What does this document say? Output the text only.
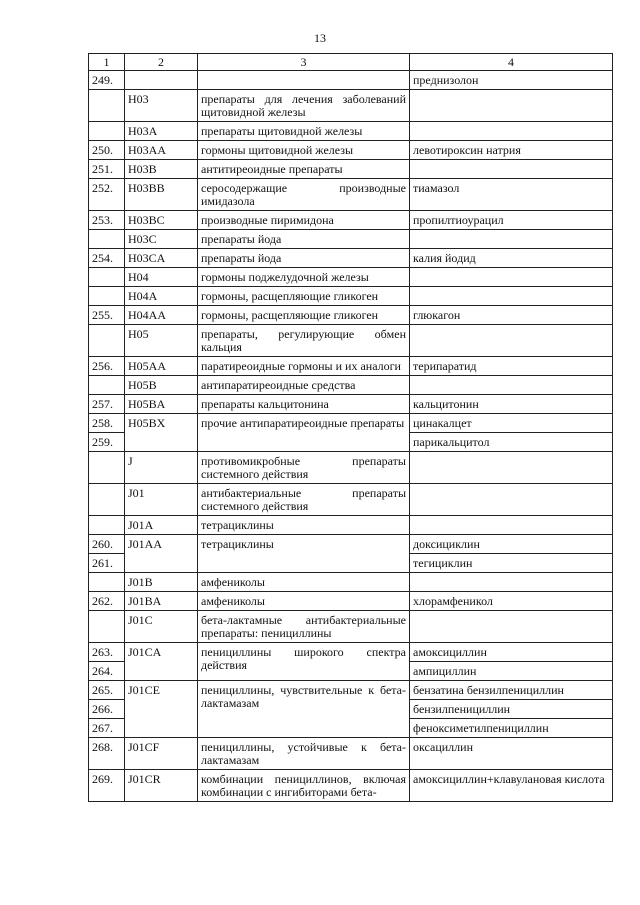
13
1	2	3	4
249.			преднизолон
	H03	препараты для лечения заболеваний щитовидной железы	
	H03A	препараты щитовидной железы	
250.	H03AA	гормоны щитовидной железы	левотироксин натрия
251.	H03B	антитиреоидные препараты	
252.	H03BB	серосодержащие производные имидазола	тиамазол
253.	H03BC	производные пиримидона	пропилтиоурацил
	H03C	препараты йода	
254.	H03CA	препараты йода	калия йодид
	H04	гормоны поджелудочной железы	
	H04A	гормоны, расщепляющие гликоген	
255.	H04AA	гормоны, расщепляющие гликоген	глюкагон
	H05	препараты, регулирующие обмен кальция	
256.	H05AA	паратиреоидные гормоны и их аналоги	терипаратид
	H05B	антипаратиреоидные средства	
257.	H05BA	препараты кальцитонина	кальцитонин
258.	H05BX	прочие антипаратиреоидные препараты	цинакалцет
259.			парикальцитол
	J	противомикробные препараты системного действия	
	J01	антибактериальные препараты системного действия	
	J01A	тетрациклины	
260.	J01AA	тетрациклины	доксициклин
261.			тегициклин
	J01B	амфениколы	
262.	J01BA	амфениколы	хлорамфеникол
	J01C	бета-лактамные антибактериальные препараты: пенициллины	
263.	J01CA	пенициллины широкого спектра действия	амоксициллин
264.			ампициллин
265.	J01CE	пенициллины, чувствительные к бета-лактамазам	бензатина бензилпенициллин
266.			бензилпенициллин
267.			феноксиметилпенициллин
268.	J01CF	пенициллины, устойчивые к бета-лактамазам	оксациллин
269.	J01CR	комбинации пенициллинов, включая комбинации с ингибиторами бета-	амоксициллин+клавулановая кислота
